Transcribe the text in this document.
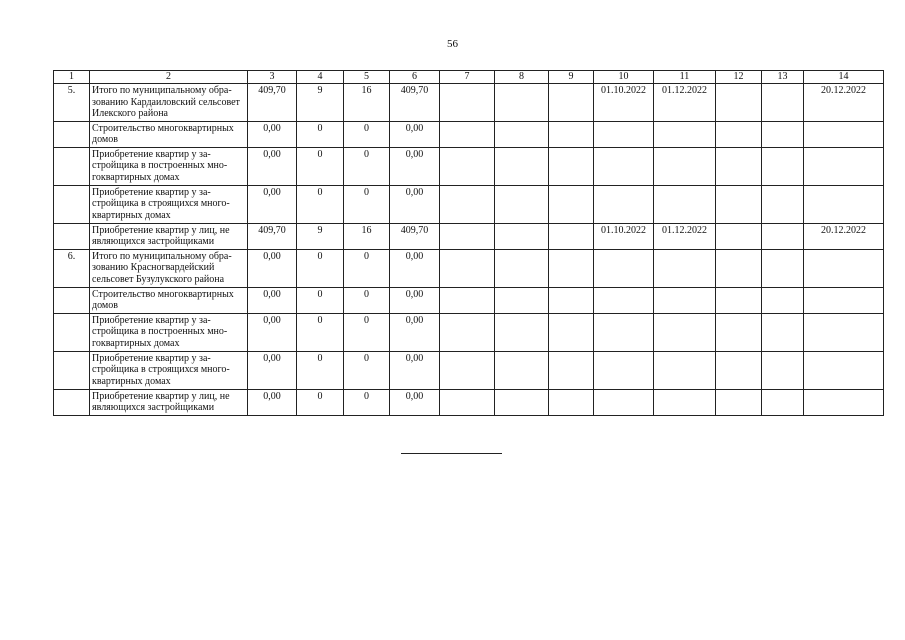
56
1	2	3	4	5	6	7	8	9	10	11	12	13	14
5.	Итого по муниципальному обра-зованию Кардаиловский сельсовет Илекского района	409,70	9	16	409,70				01.10.2022	01.12.2022			20.12.2022
	Строительство многоквартирных домов	0,00	0	0	0,00								
	Приобретение квартир у за-стройщика в построенных мно-гоквартирных домах	0,00	0	0	0,00								
	Приобретение квартир у за-стройщика в строящихся много-квартирных домах	0,00	0	0	0,00								
	Приобретение квартир у лиц, не являющихся застройщиками	409,70	9	16	409,70				01.10.2022	01.12.2022			20.12.2022
6.	Итого по муниципальному обра-зованию Красногвардейский сельсовет Бузулукского района	0,00	0	0	0,00								
	Строительство многоквартирных домов	0,00	0	0	0,00								
	Приобретение квартир у за-стройщика в построенных мно-гоквартирных домах	0,00	0	0	0,00								
	Приобретение квартир у за-стройщика в строящихся много-квартирных домах	0,00	0	0	0,00								
	Приобретение квартир у лиц, не являющихся застройщиками	0,00	0	0	0,00								
